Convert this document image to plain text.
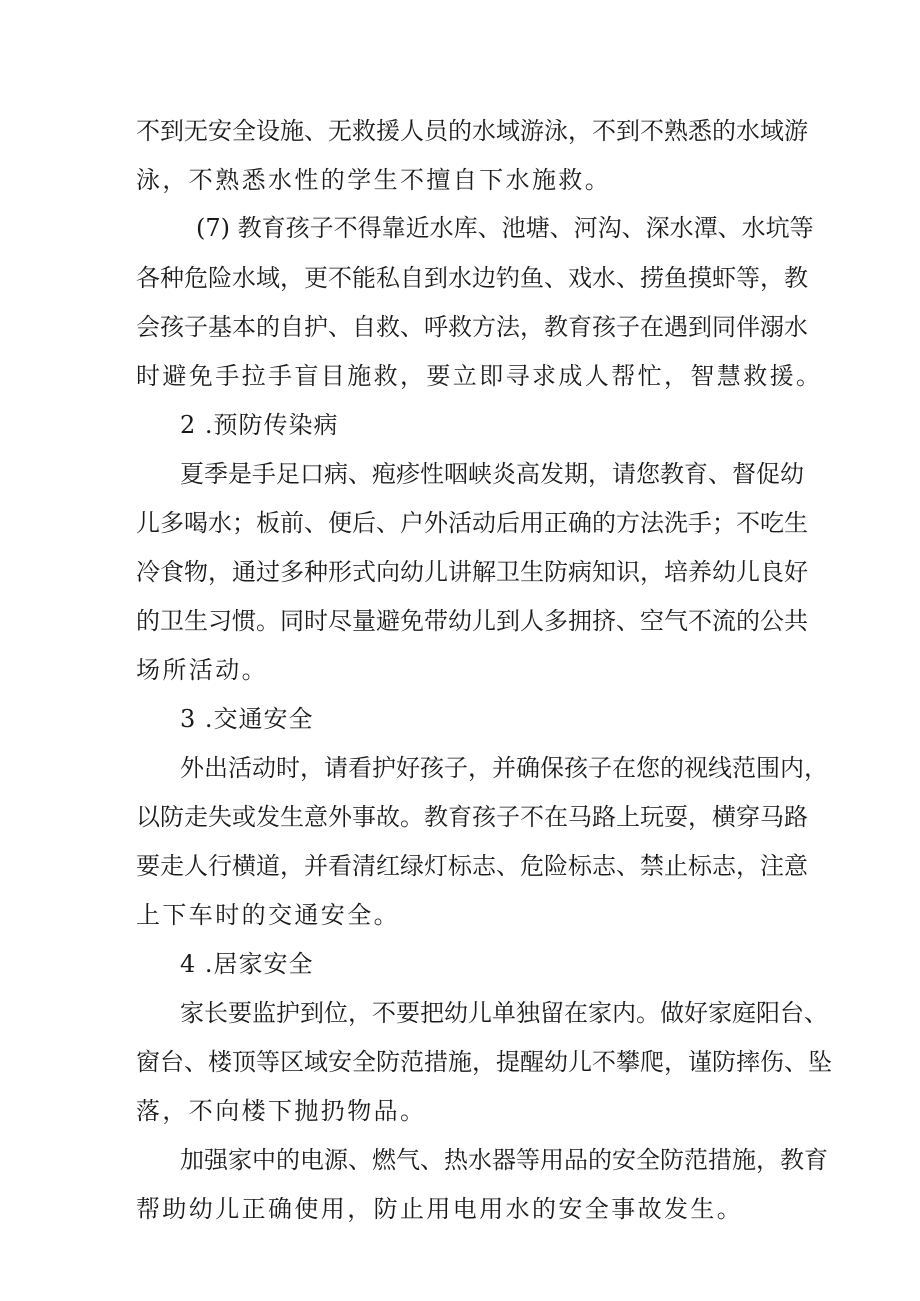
不到无安全设施、无救援人员的水域游泳，不到不熟悉的水域游
泳，不熟悉水性的学生不擅自下水施救。
(7) 教育孩子不得靠近水库、池塘、河沟、深水潭、水坑等
各种危险水域，更不能私自到水边钓鱼、戏水、捞鱼摸虾等，教
会孩子基本的自护、自救、呼救方法，教育孩子在遇到同伴溺水
时避免手拉手盲目施救，要立即寻求成人帮忙，智慧救援。
2 .预防传染病
夏季是手足口病、疱疹性咽峡炎高发期，请您教育、督促幼
儿多喝水；板前、便后、户外活动后用正确的方法洗手；不吃生
冷食物，通过多种形式向幼儿讲解卫生防病知识，培养幼儿良好
的卫生习惯。同时尽量避免带幼儿到人多拥挤、空气不流的公共
场所活动。
3 .交通安全
外出活动时，请看护好孩子，并确保孩子在您的视线范围内，
以防走失或发生意外事故。教育孩子不在马路上玩耍，横穿马路
要走人行横道，并看清红绿灯标志、危险标志、禁止标志，注意
上下车时的交通安全。
4 .居家安全
家长要监护到位，不要把幼儿单独留在家内。做好家庭阳台、
窗台、楼顶等区域安全防范措施，提醒幼儿不攀爬，谨防摔伤、坠
落，不向楼下抛扔物品。
加强家中的电源、燃气、热水器等用品的安全防范措施，教育
帮助幼儿正确使用，防止用电用水的安全事故发生。
